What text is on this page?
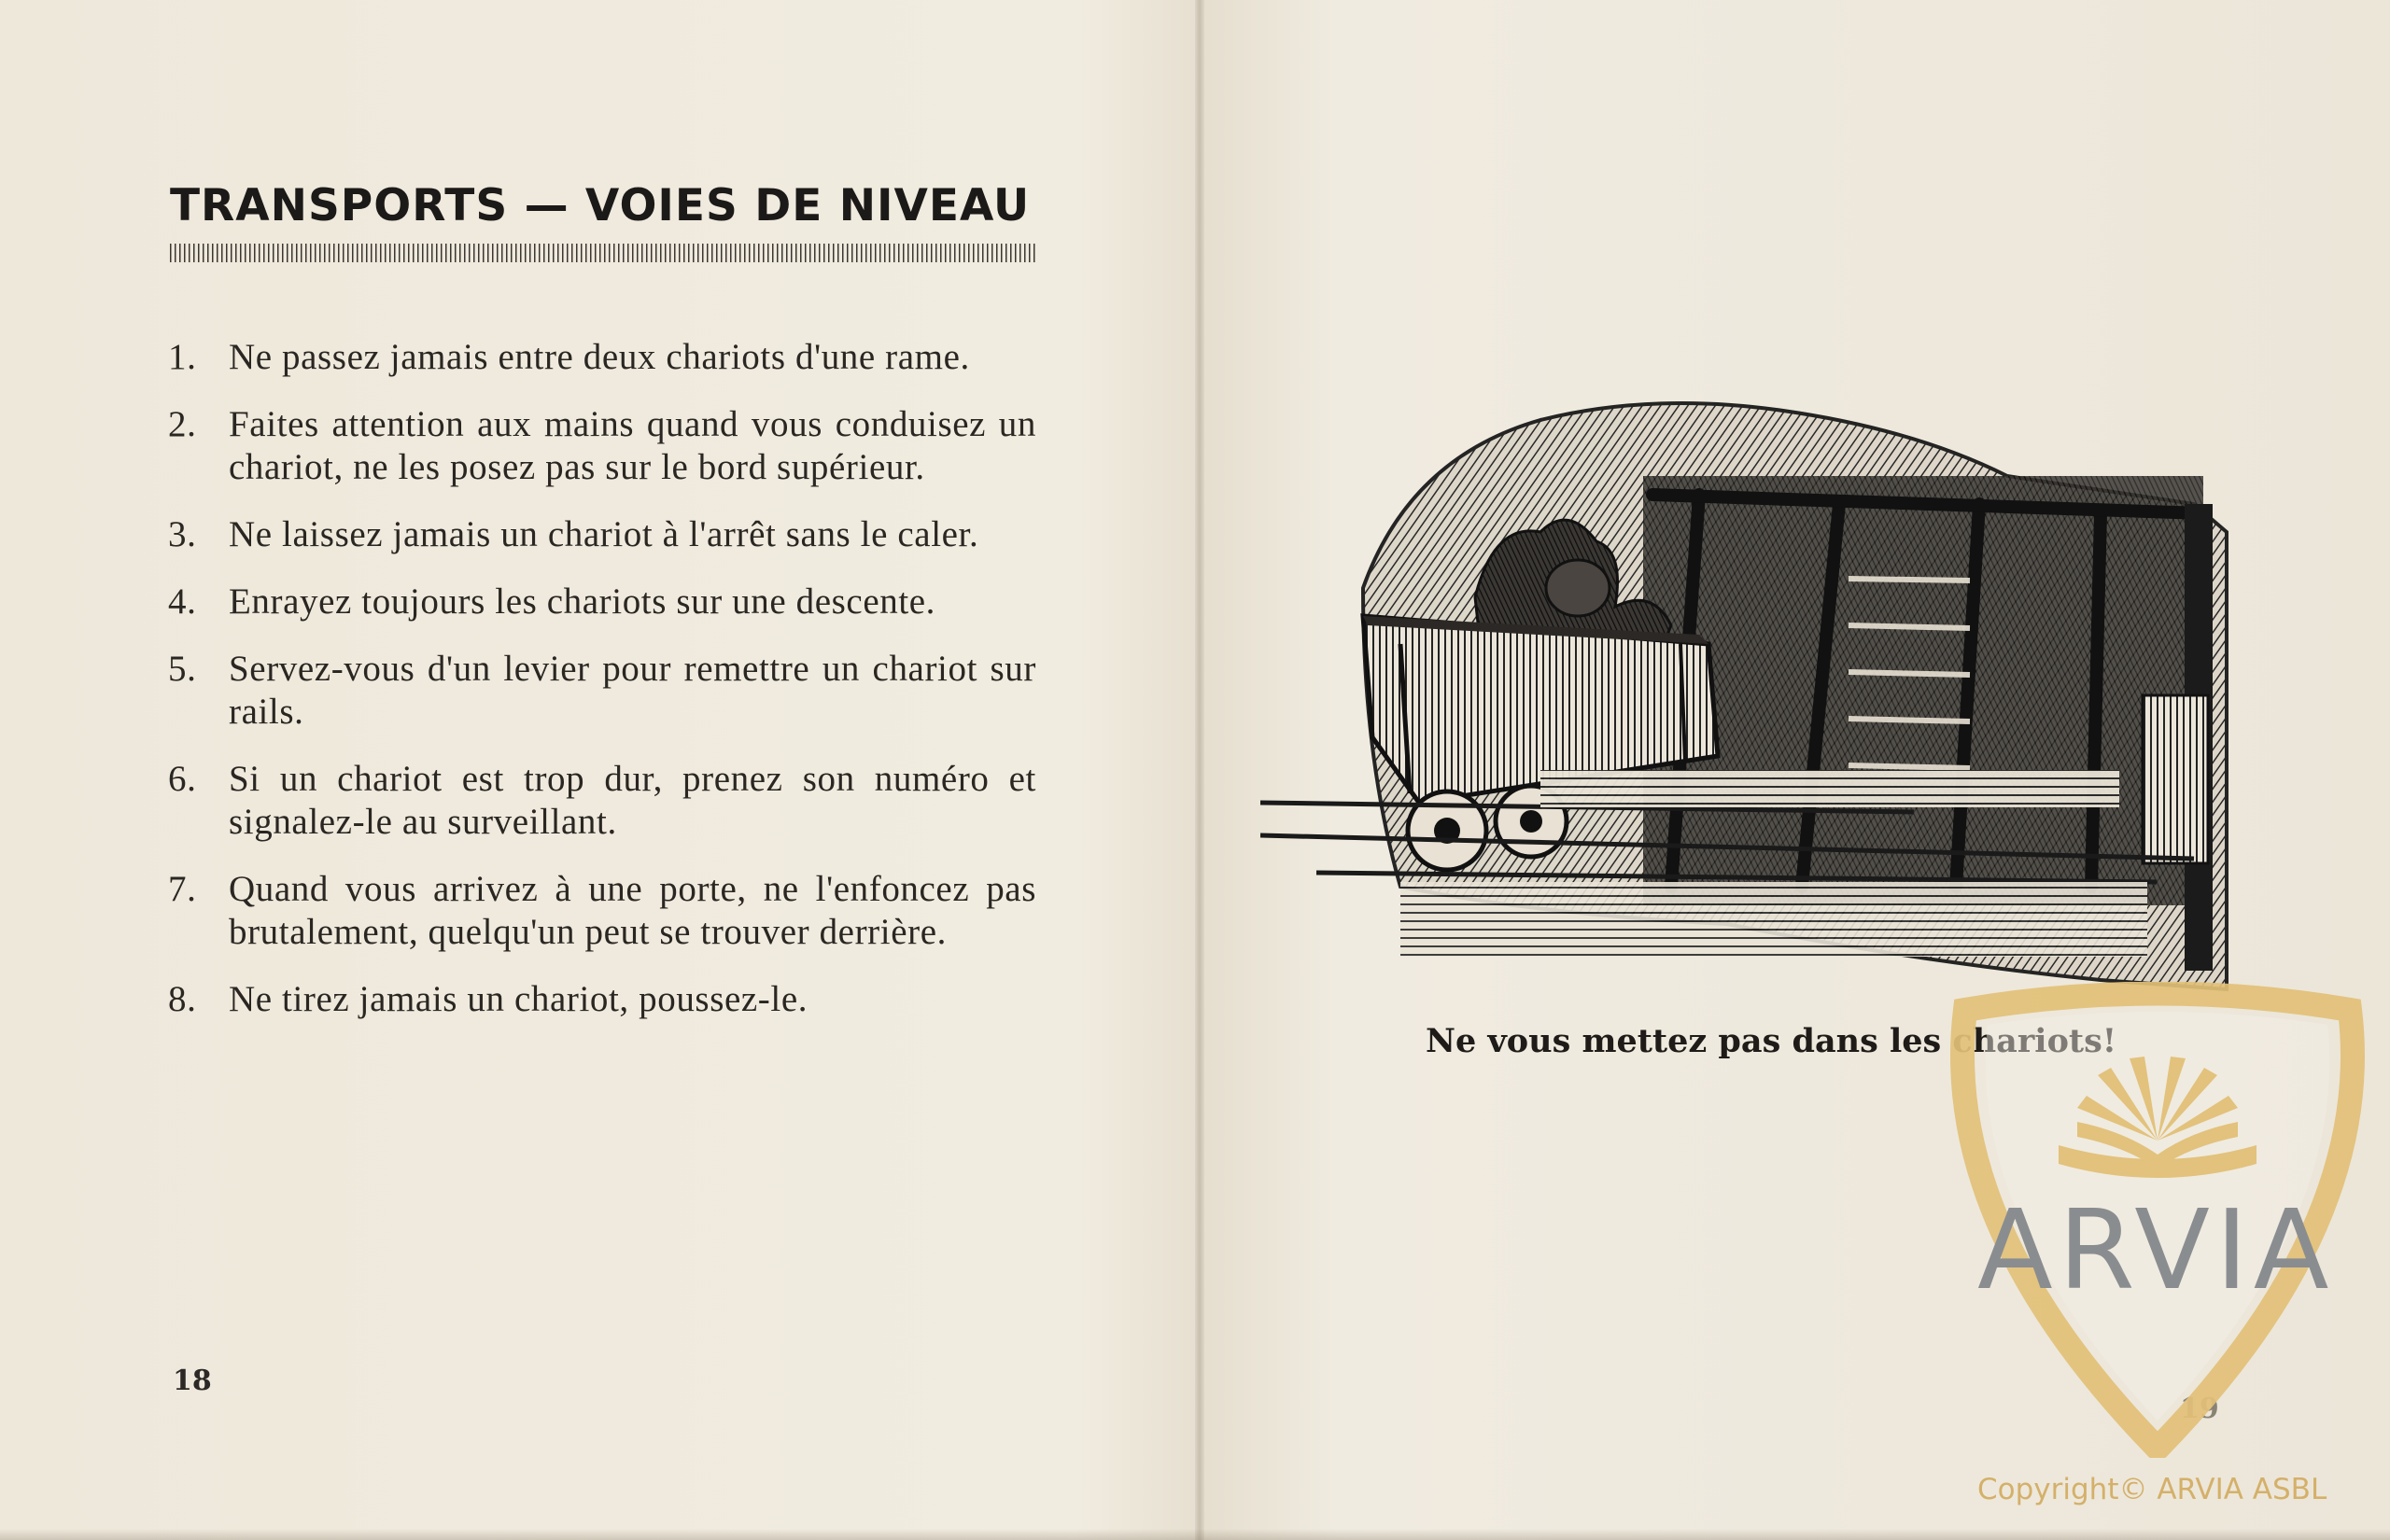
TRANSPORTS — VOIES DE NIVEAU
1. Ne passez jamais entre deux chariots d'une rame.
2. Faites attention aux mains quand vous conduisez un chariot, ne les posez pas sur le bord supérieur.
3. Ne laissez jamais un chariot à l'arrêt sans le caler.
4. Enrayez toujours les chariots sur une descente.
5. Servez-vous d'un levier pour remettre un chariot sur rails.
6. Si un chariot est trop dur, prenez son numéro et signalez-le au surveillant.
7. Quand vous arrivez à une porte, ne l'enfoncez pas brutalement, quelqu'un peut se trouver derrière.
8. Ne tirez jamais un chariot, poussez-le.
18

Ne vous mettez pas dans les chariots!

19
ARVIA
Copyright© ARVIA ASBL
